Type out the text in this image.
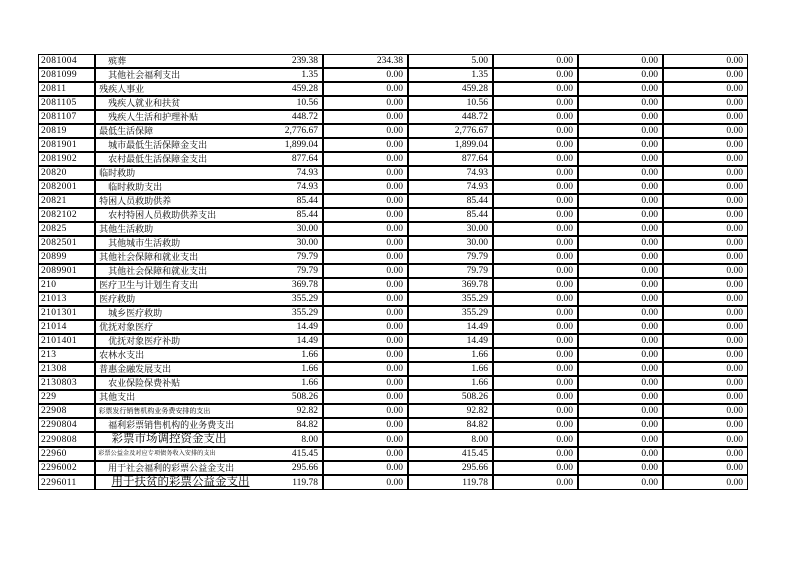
2081004	殡葬	239.38	234.38	5.00	0.00	0.00	0.00
2081099	其他社会福利支出	1.35	0.00	1.35	0.00	0.00	0.00
20811	残疾人事业	459.28	0.00	459.28	0.00	0.00	0.00
2081105	残疾人就业和扶贫	10.56	0.00	10.56	0.00	0.00	0.00
2081107	残疾人生活和护理补贴	448.72	0.00	448.72	0.00	0.00	0.00
20819	最低生活保障	2,776.67	0.00	2,776.67	0.00	0.00	0.00
2081901	城市最低生活保障金支出	1,899.04	0.00	1,899.04	0.00	0.00	0.00
2081902	农村最低生活保障金支出	877.64	0.00	877.64	0.00	0.00	0.00
20820	临时救助	74.93	0.00	74.93	0.00	0.00	0.00
2082001	临时救助支出	74.93	0.00	74.93	0.00	0.00	0.00
20821	特困人员救助供养	85.44	0.00	85.44	0.00	0.00	0.00
2082102	农村特困人员救助供养支出	85.44	0.00	85.44	0.00	0.00	0.00
20825	其他生活救助	30.00	0.00	30.00	0.00	0.00	0.00
2082501	其他城市生活救助	30.00	0.00	30.00	0.00	0.00	0.00
20899	其他社会保障和就业支出	79.79	0.00	79.79	0.00	0.00	0.00
2089901	其他社会保障和就业支出	79.79	0.00	79.79	0.00	0.00	0.00
210	医疗卫生与计划生育支出	369.78	0.00	369.78	0.00	0.00	0.00
21013	医疗救助	355.29	0.00	355.29	0.00	0.00	0.00
2101301	城乡医疗救助	355.29	0.00	355.29	0.00	0.00	0.00
21014	优抚对象医疗	14.49	0.00	14.49	0.00	0.00	0.00
2101401	优抚对象医疗补助	14.49	0.00	14.49	0.00	0.00	0.00
213	农林水支出	1.66	0.00	1.66	0.00	0.00	0.00
21308	普惠金融发展支出	1.66	0.00	1.66	0.00	0.00	0.00
2130803	农业保险保费补贴	1.66	0.00	1.66	0.00	0.00	0.00
229	其他支出	508.26	0.00	508.26	0.00	0.00	0.00
22908	彩票发行销售机构业务费安排的支出	92.82	0.00	92.82	0.00	0.00	0.00
2290804	福利彩票销售机构的业务费支出	84.82	0.00	84.82	0.00	0.00	0.00
2290808	彩票市场调控资金支出	8.00	0.00	8.00	0.00	0.00	0.00
22960	彩票公益金及对应专项债务收入安排的支出	415.45	0.00	415.45	0.00	0.00	0.00
2296002	用于社会福利的彩票公益金支出	295.66	0.00	295.66	0.00	0.00	0.00
2296011	用于扶贫的彩票公益金支出	119.78	0.00	119.78	0.00	0.00	0.00
